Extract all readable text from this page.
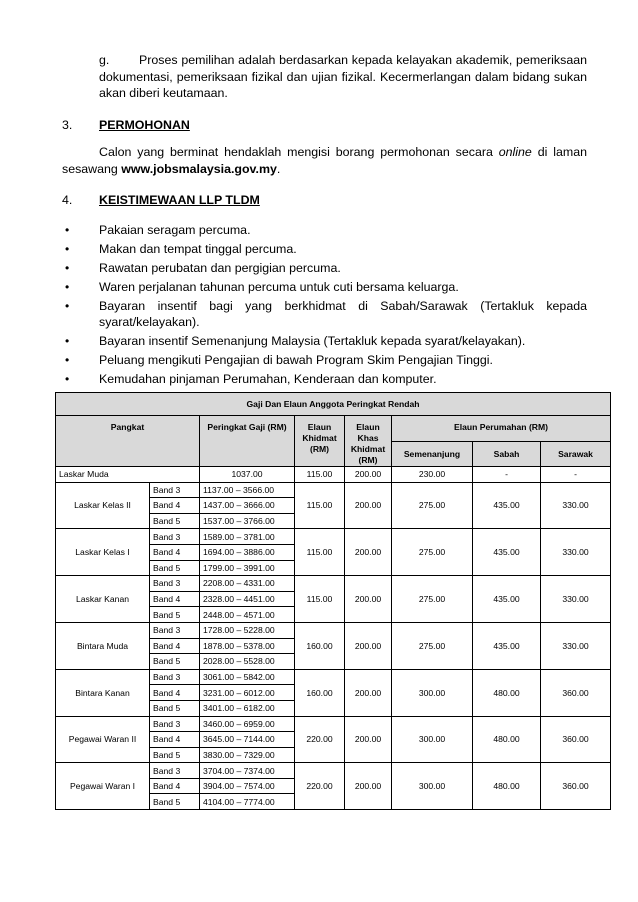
g. Proses pemilihan adalah berdasarkan kepada kelayakan akademik, pemeriksaan dokumentasi, pemeriksaan fizikal dan ujian fizikal. Kecermerlangan dalam bidang sukan akan diberi keutamaan.
3. PERMOHONAN
Calon yang berminat hendaklah mengisi borang permohonan secara online di laman sesawang www.jobsmalaysia.gov.my.
4. KEISTIMEWAAN LLP TLDM
• Pakaian seragam percuma.
• Makan dan tempat tinggal percuma.
• Rawatan perubatan dan pergigian percuma.
• Waren perjalanan tahunan percuma untuk cuti bersama keluarga.
• Bayaran insentif bagi yang berkhidmat di Sabah/Sarawak (Tertakluk kepada syarat/kelayakan).
• Bayaran insentif Semenanjung Malaysia (Tertakluk kepada syarat/kelayakan).
• Peluang mengikuti Pengajian di bawah Program Skim Pengajian Tinggi.
• Kemudahan pinjaman Perumahan, Kenderaan dan komputer.
Gaji Dan Elaun Anggota Peringkat Rendah							
Pangkat		Peringkat Gaji (RM)	Elaun Khidmat (RM)	Elaun Khas Khidmat (RM)	Elaun Perumahan (RM)		
					Semenanjung	Sabah	Sarawak
Laskar Muda		1037.00	115.00	200.00	230.00	-	-
Laskar Kelas II	Band 3	1137.00 – 3566.00	115.00	200.00	275.00	435.00	330.00
	Band 4	1437.00 – 3666.00					
	Band 5	1537.00 – 3766.00					
Laskar Kelas I	Band 3	1589.00 – 3781.00	115.00	200.00	275.00	435.00	330.00
	Band 4	1694.00 – 3886.00					
	Band 5	1799.00 – 3991.00					
Laskar Kanan	Band 3	2208.00 – 4331.00	115.00	200.00	275.00	435.00	330.00
	Band 4	2328.00 – 4451.00					
	Band 5	2448.00 – 4571.00					
Bintara Muda	Band 3	1728.00 – 5228.00	160.00	200.00	275.00	435.00	330.00
	Band 4	1878.00 – 5378.00					
	Band 5	2028.00 – 5528.00					
Bintara Kanan	Band 3	3061.00 – 5842.00	160.00	200.00	300.00	480.00	360.00
	Band 4	3231.00 – 6012.00					
	Band 5	3401.00 – 6182.00					
Pegawai Waran II	Band 3	3460.00 – 6959.00	220.00	200.00	300.00	480.00	360.00
	Band 4	3645.00 – 7144.00					
	Band 5	3830.00 – 7329.00					
Pegawai Waran I	Band 3	3704.00 – 7374.00	220.00	200.00	300.00	480.00	360.00
	Band 4	3904.00 – 7574.00					
	Band 5	4104.00 – 7774.00					
